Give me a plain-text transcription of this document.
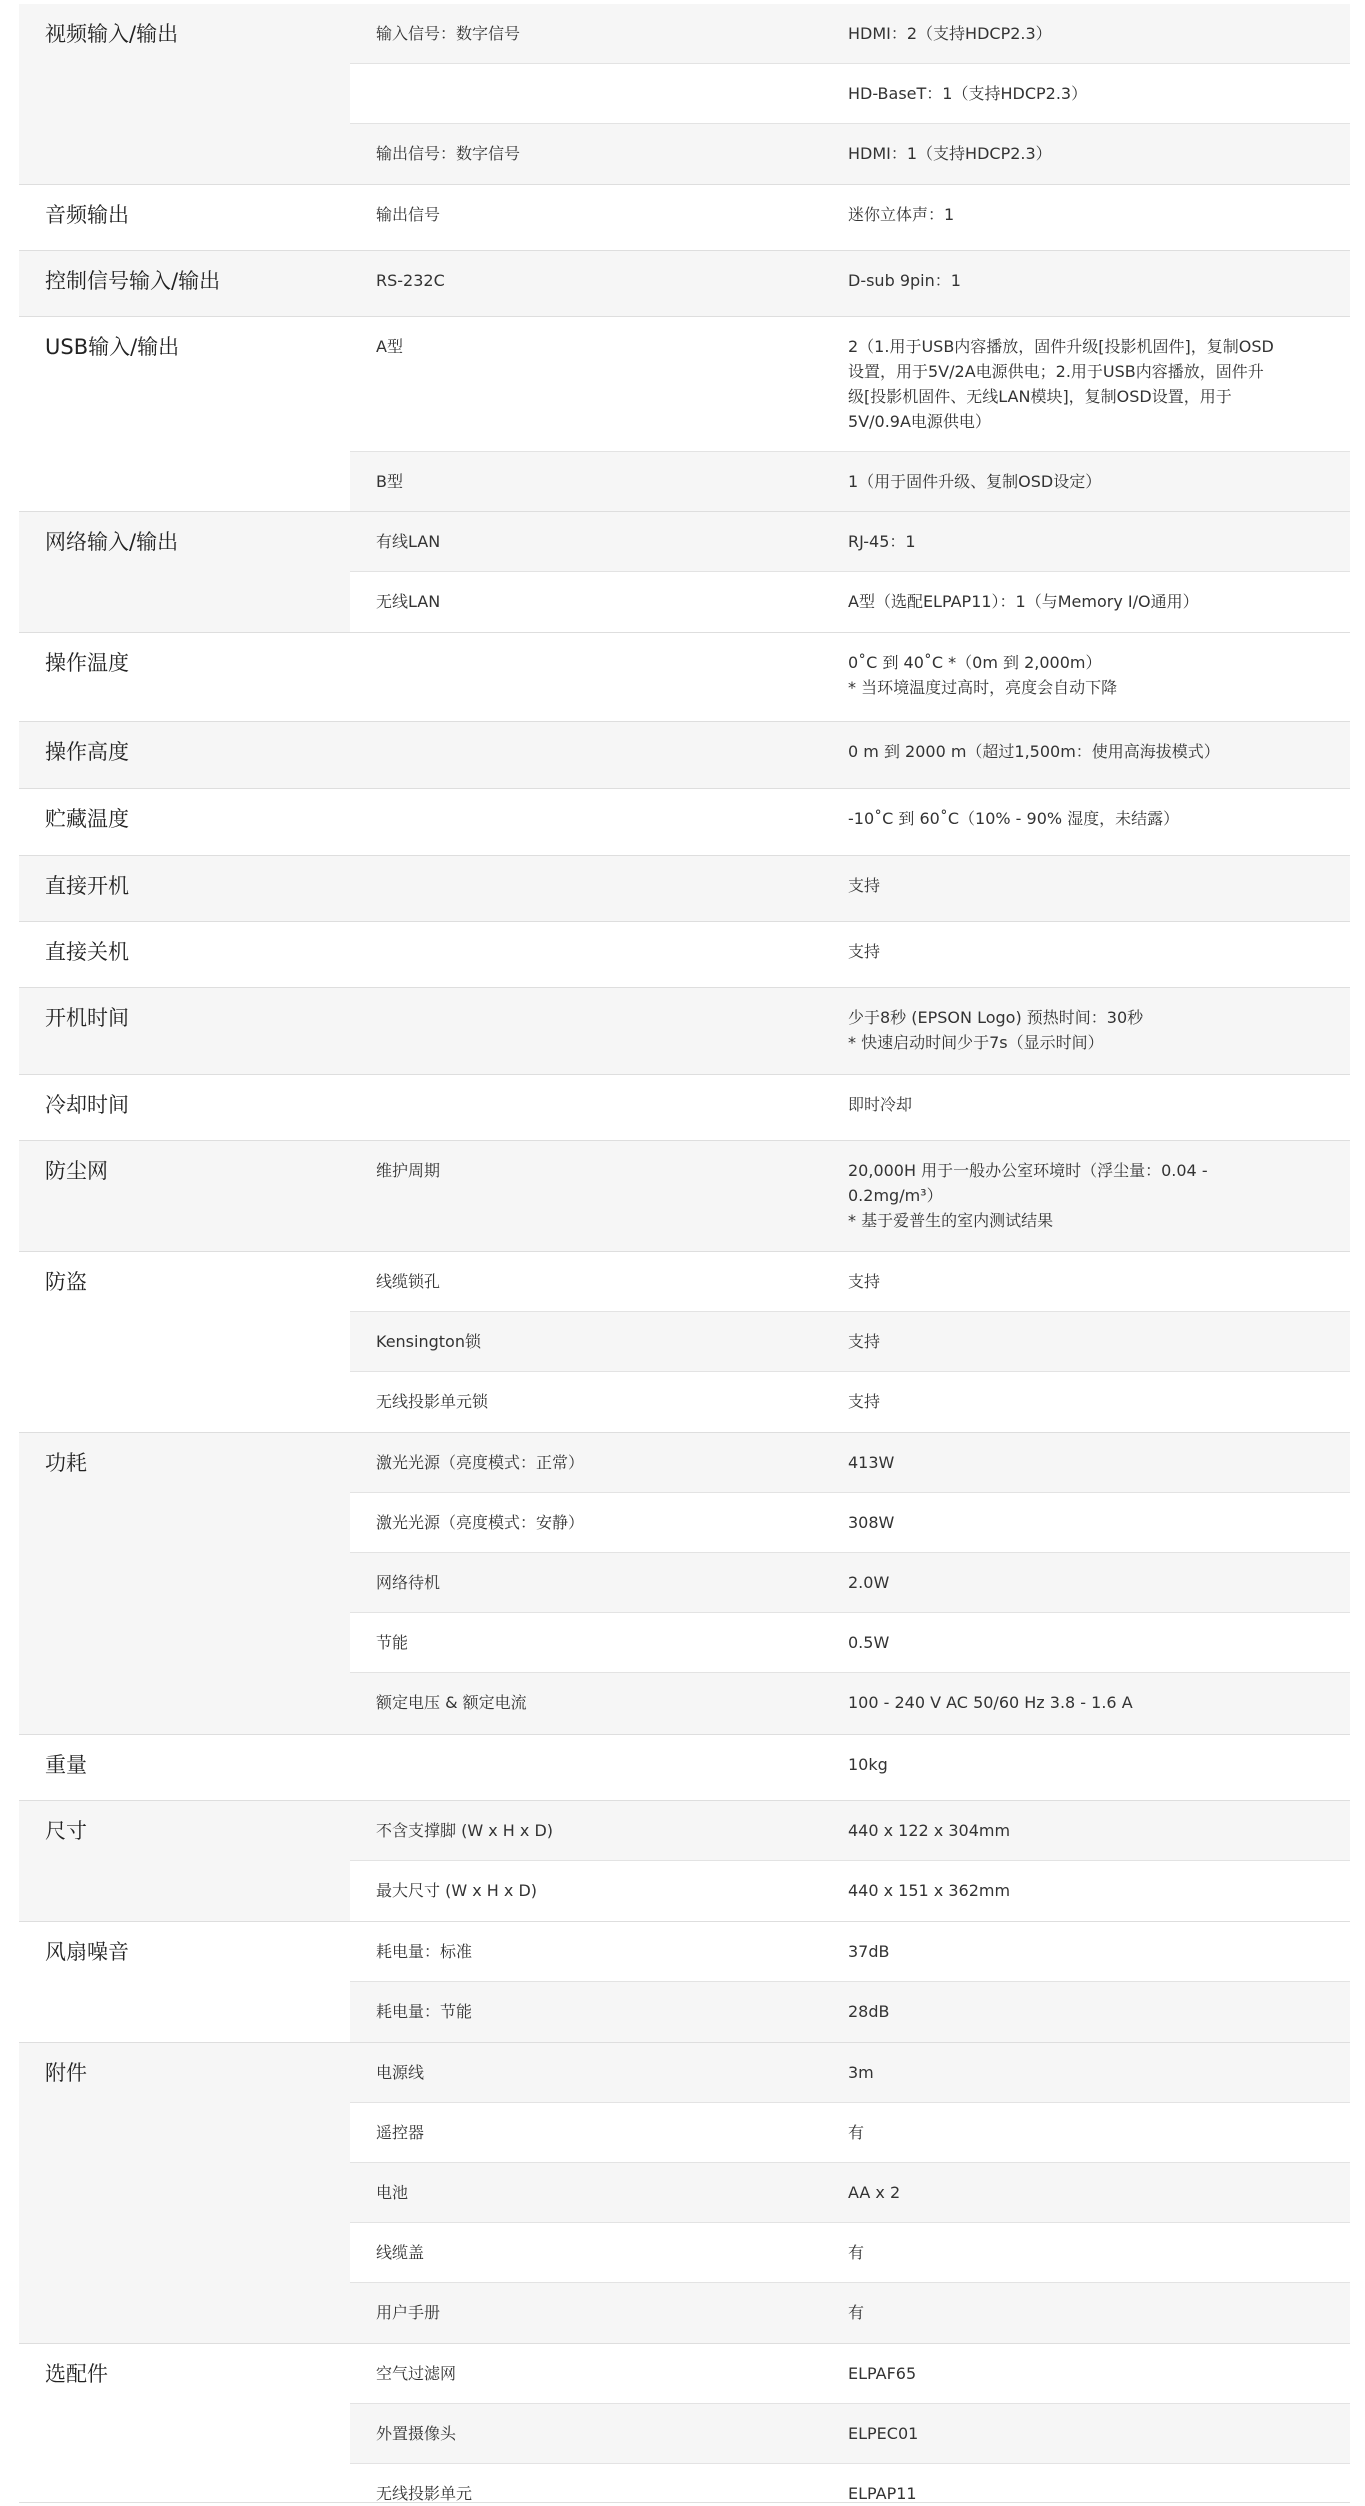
视频输入/输出	输入信号：数字信号	HDMI：2（支持HDCP2.3）
HD-BaseT：1（支持HDCP2.3）
输出信号：数字信号	HDMI：1（支持HDCP2.3）
音频输出	输出信号	迷你立体声：1
控制信号输入/输出	RS-232C	D-sub 9pin：1
USB输入/输出	A型	2（1.用于USB内容播放，固件升级[投影机固件]，复制OSD
设置，用于5V/2A电源供电；2.用于USB内容播放，固件升
级[投影机固件、无线LAN模块]，复制OSD设置，用于
5V/0.9A电源供电）
B型	1（用于固件升级、复制OSD设定）
网络输入/输出	有线LAN	RJ-45：1
无线LAN	A型（选配ELPAP11）：1（与Memory I/O通用）
操作温度	0˚C 到 40˚C *（0m 到 2,000m）
* 当环境温度过高时，亮度会自动下降
操作高度	0 m 到 2000 m（超过1,500m：使用高海拔模式）
贮藏温度	-10˚C 到 60˚C（10% - 90% 湿度，未结露）
直接开机	支持
直接关机	支持
开机时间	少于8秒 (EPSON Logo) 预热时间：30秒
* 快速启动时间少于7s（显示时间）
冷却时间	即时冷却
防尘网	维护周期	20,000H 用于一般办公室环境时（浮尘量：0.04 -
0.2mg/m³）
* 基于爱普生的室内测试结果
防盗	线缆锁孔	支持
Kensington锁	支持
无线投影单元锁	支持
功耗	激光光源（亮度模式：正常）	413W
激光光源（亮度模式：安静）	308W
网络待机	2.0W
节能	0.5W
额定电压 & 额定电流	100 - 240 V AC 50/60 Hz 3.8 - 1.6 A
重量	10kg
尺寸	不含支撑脚 (W x H x D)	440 x 122 x 304mm
最大尺寸 (W x H x D)	440 x 151 x 362mm
风扇噪音	耗电量：标准	37dB
耗电量：节能	28dB
附件	电源线	3m
遥控器	有
电池	AA x 2
线缆盖	有
用户手册	有
选配件	空气过滤网	ELPAF65
外置摄像头	ELPEC01
无线投影单元	ELPAP11
